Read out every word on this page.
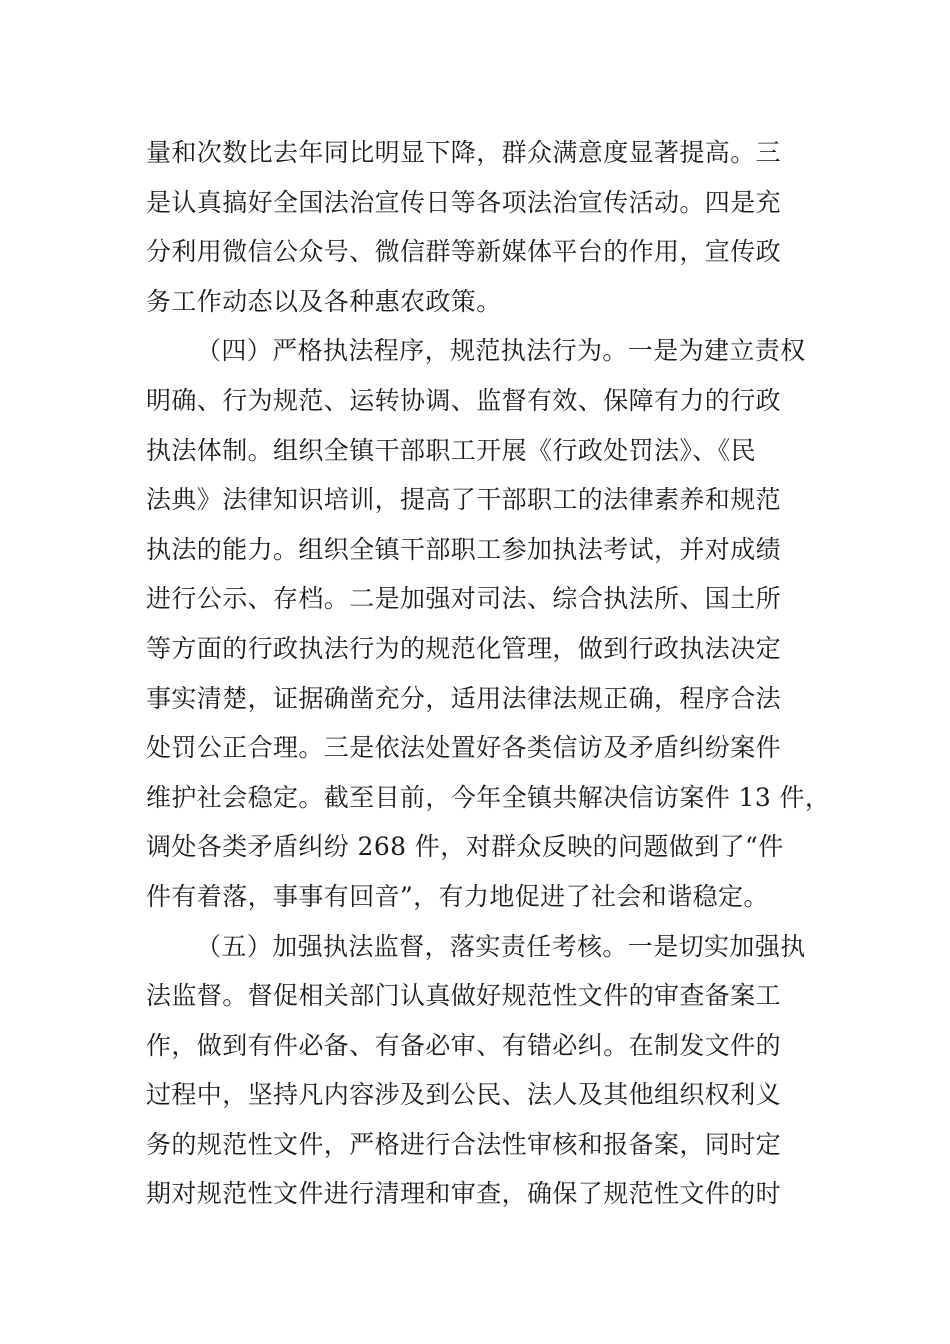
量和次数比去年同比明显下降，群众满意度显著提高。三
是认真搞好全国法治宣传日等各项法治宣传活动。四是充
分利用微信公众号、微信群等新媒体平台的作用，宣传政
务工作动态以及各种惠农政策。
（四）严格执法程序，规范执法行为。一是为建立责权
明确、行为规范、运转协调、监督有效、保障有力的行政
执法体制。组织全镇干部职工开展《行政处罚法》、《民
法典》法律知识培训，提高了干部职工的法律素养和规范
执法的能力。组织全镇干部职工参加执法考试，并对成绩
进行公示、存档。二是加强对司法、综合执法所、国土所
等方面的行政执法行为的规范化管理，做到行政执法决定
事实清楚，证据确凿充分，适用法律法规正确，程序合法
处罚公正合理。三是依法处置好各类信访及矛盾纠纷案件
维护社会稳定。截至目前，今年全镇共解决信访案件 13 件，
调处各类矛盾纠纷 268 件，对群众反映的问题做到了“件
件有着落，事事有回音”，有力地促进了社会和谐稳定。
（五）加强执法监督，落实责任考核。一是切实加强执
法监督。督促相关部门认真做好规范性文件的审查备案工
作，做到有件必备、有备必审、有错必纠。在制发文件的
过程中，坚持凡内容涉及到公民、法人及其他组织权利义
务的规范性文件，严格进行合法性审核和报备案，同时定
期对规范性文件进行清理和审查，确保了规范性文件的时
